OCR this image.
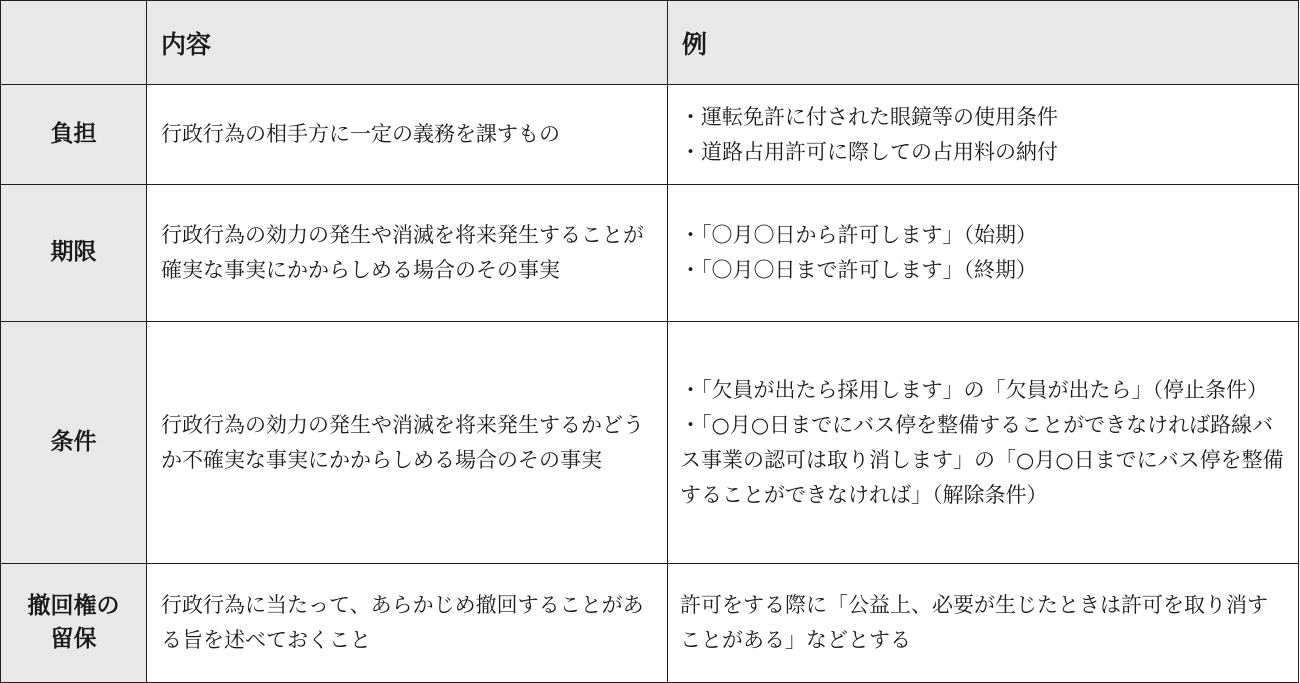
	内容	例
負担	行政行為の相手方に一定の義務を課すもの	・運転免許に付された眼鏡等の使用条件
・道路占用許可に際しての占用料の納付

期限	行政行為の効力の発生や消滅を将来発生することが確実な事実にかからしめる場合のその事実	・「〇月〇日から許可します」（始期）
・「〇月〇日まで許可します」（終期）

条件	行政行為の効力の発生や消滅を将来発生するかどうか不確実な事実にかからしめる場合のその事実	・「欠員が出たら採用します」の「欠員が出たら」（停止条件）
・「○月○日までにバス停を整備することができなければ路線バス事業の認可は取り消します」の「○月○日までにバス停を整備することができなければ」（解除条件）

撤回権の留保	行政行為に当たって、あらかじめ撤回することがある旨を述べておくこと	許可をする際に「公益上、必要が生じたときは許可を取り消すことがある」などとする
